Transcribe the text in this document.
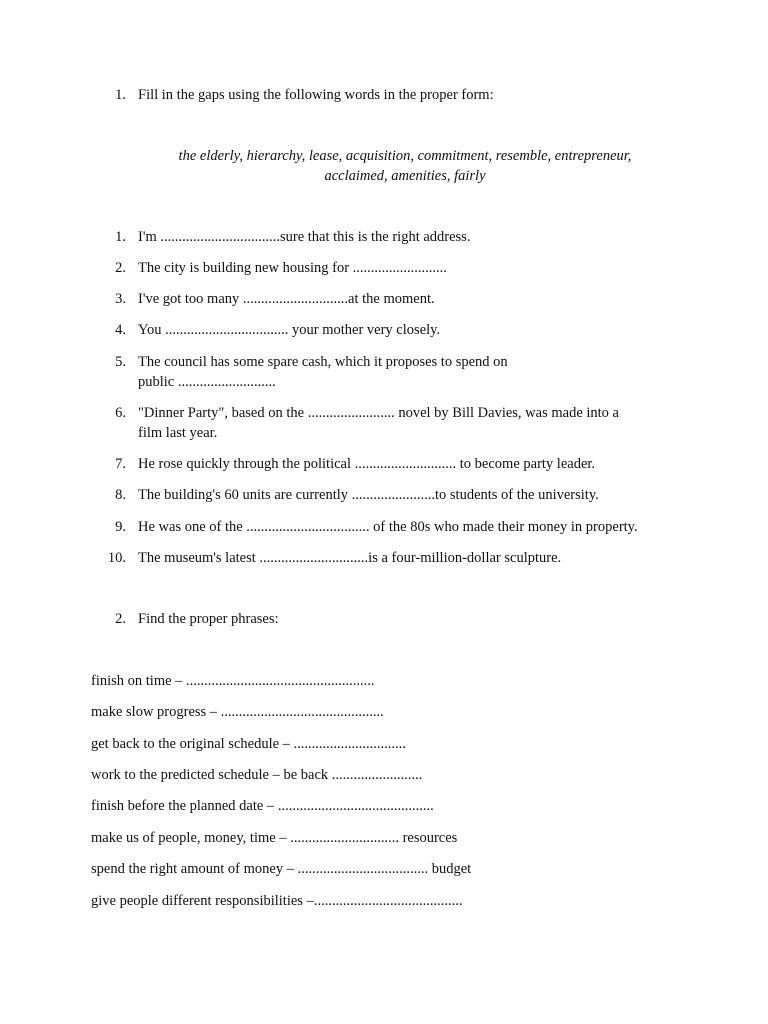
1. Fill in the gaps using the following words in the proper form:
the elderly, hierarchy, lease, acquisition, commitment, resemble, entrepreneur,
acclaimed, amenities, fairly
1. I'm .................................sure that this is the right address.
2. The city is building new housing for ..........................
3. I've got too many .............................at the moment.
4. You .................................. your mother very closely.
5. The council has some spare cash, which it proposes to spend on
public ...........................
6. "Dinner Party", based on the ........................ novel by Bill Davies, was made into a
film last year.
7. He rose quickly through the political ............................ to become party leader.
8. The building's 60 units are currently .......................to students of the university.
9. He was one of the .................................. of the 80s who made their money in property.
10. The museum's latest ..............................is a four-million-dollar sculpture.
2. Find the proper phrases:
finish on time – ....................................................
make slow progress – .............................................
get back to the original schedule – ...............................
work to the predicted schedule – be back .........................
finish before the planned date – ...........................................
make us of people, money, time – .............................. resources
spend the right amount of money – .................................... budget
give people different responsibilities –.........................................
